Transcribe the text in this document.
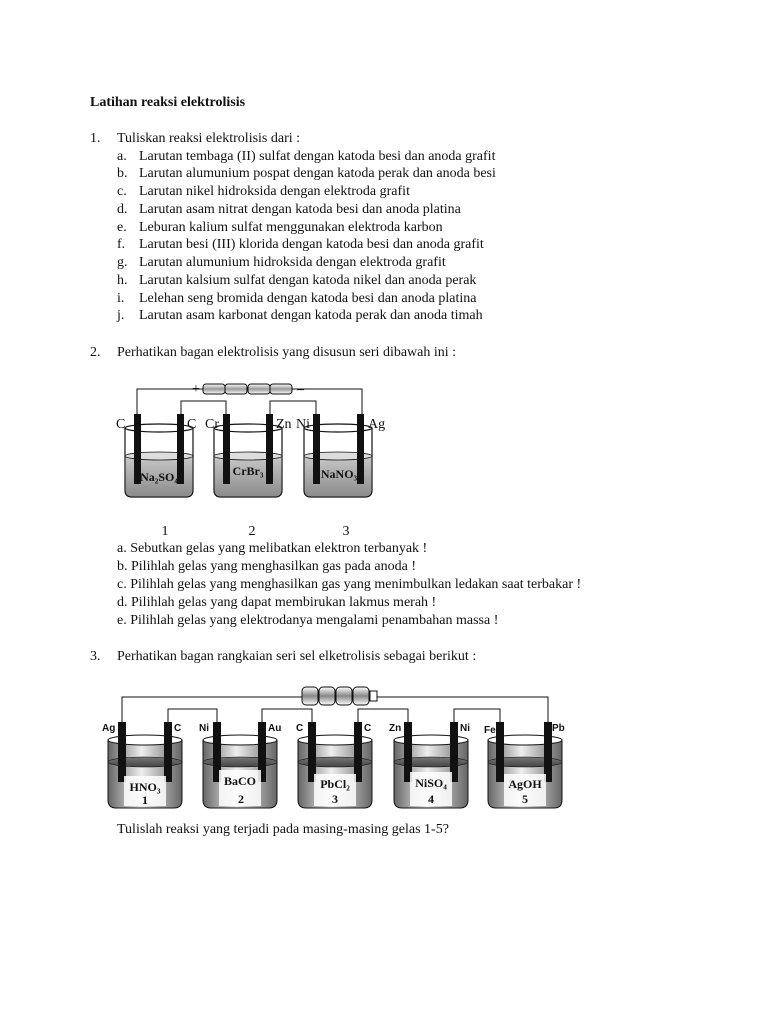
Latihan reaksi elektrolisis
1. Tuliskan reaksi elektrolisis dari :
a. Larutan tembaga (II) sulfat dengan katoda besi dan anoda grafit
b. Larutan alumunium pospat dengan katoda perak dan anoda besi
c. Larutan nikel hidroksida dengan elektroda grafit
d. Larutan asam nitrat dengan katoda besi dan anoda platina
e. Leburan kalium sulfat menggunakan elektroda karbon
f. Larutan besi (III) klorida dengan katoda besi dan anoda grafit
g. Larutan alumunium hidroksida dengan elektroda grafit
h. Larutan kalsium sulfat dengan katoda nikel dan anoda perak
i. Lelehan seng bromida dengan katoda besi dan anoda platina
j. Larutan asam karbonat dengan katoda perak dan anoda timah
2. Perhatikan bagan elektrolisis yang disusun seri dibawah ini :
+	–
C	C Cr	Zn Ni	Ag
Na₂SO₄	CrBr₃	NaNO₃
1	2	3
a. Sebutkan gelas yang melibatkan elektron terbanyak !
b. Pilihlah gelas yang menghasilkan gas pada anoda !
c. Pilihlah gelas yang menghasilkan gas yang menimbulkan ledakan saat terbakar !
d. Pilihlah gelas yang dapat membirukan lakmus merah !
e. Pilihlah gelas yang elektrodanya mengalami penambahan massa !
3. Perhatikan bagan rangkaian seri sel elketrolisis sebagai berikut :
Ag	C Ni	Au C	C Zn	Ni Fe	Pb
HNO₃	BaCO	PbCl₂	NiSO₄	AgOH
1	2	3	4	5
Tulislah reaksi yang terjadi pada masing-masing gelas 1-5?
